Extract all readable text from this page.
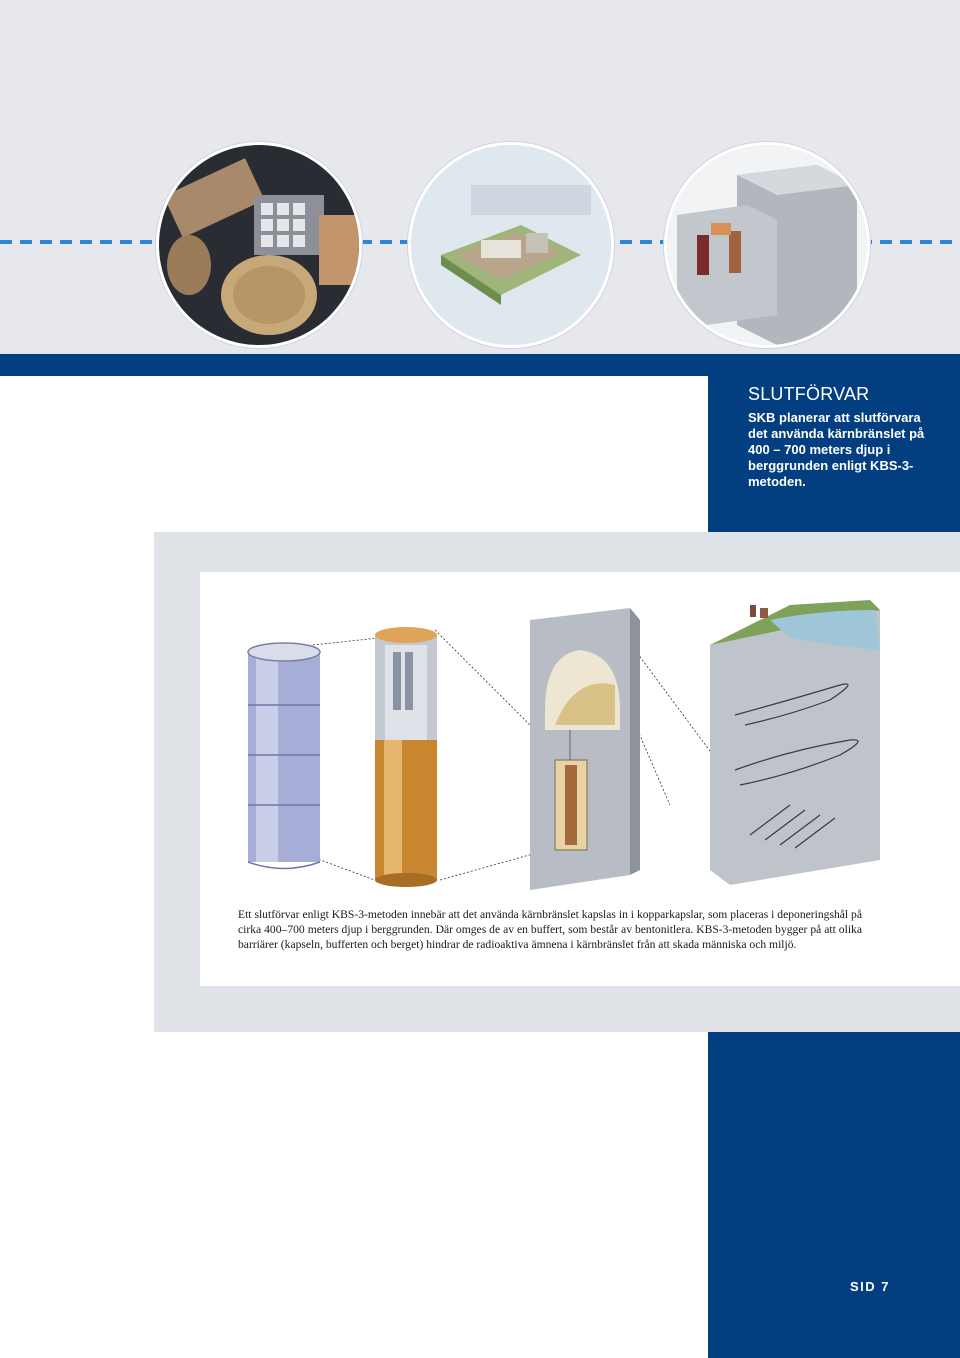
SLUTFÖRVAR
SKB planerar att slutförvara det använda kärnbränslet på 400 – 700 meters djup i berggrunden enligt KBS-3-metoden.
Ett slutförvar enligt KBS-3-metoden innebär att det använda kärnbränslet kapslas in i kopparkapslar, som placeras i deponeringshål på cirka 400–700 meters djup i berggrunden. Där omges de av en buffert, som består av bentonitlera. KBS-3-metoden bygger på att olika barriärer (kapseln, bufferten och berget) hindrar de radioaktiva ämnena i kärnbränslet från att skada människa och miljö.
SID 7
